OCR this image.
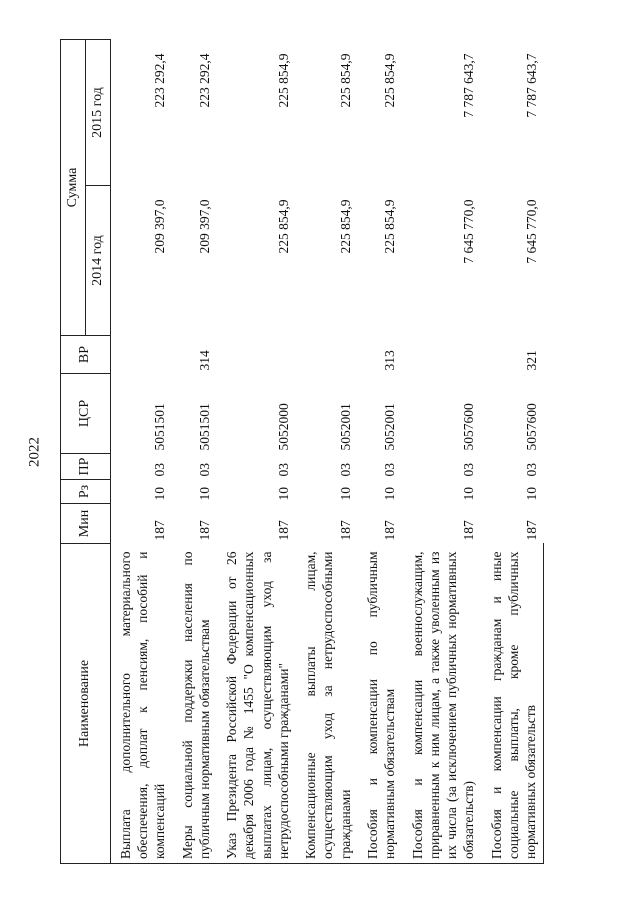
2022
Наименование	Мин	Рз	ПР	ЦСР	ВР	Сумма	
						2014 год	2015 год
Выплата дополнительного материального обеспечения, доплат к пенсиям, пособий и компенсаций	187	10	03	5051501		209 397,0	223 292,4
Меры социальной поддержки населения по публичным нормативным обязательствам	187	10	03	5051501	314	209 397,0	223 292,4
Указ Президента Российской Федерации от 26 декабря 2006 года № 1455 "О компенсационных выплатах лицам, осуществляющим уход за нетрудоспособными гражданами"	187	10	03	5052000		225 854,9	225 854,9
Компенсационные выплаты лицам, осуществляющим уход за нетрудоспособными гражданами	187	10	03	5052001		225 854,9	225 854,9
Пособия и компенсации по публичным нормативным обязательствам	187	10	03	5052001	313	225 854,9	225 854,9
Пособия и компенсации военнослужащим, приравненным к ним лицам, а также уволенным из их числа (за исключением публичных нормативных обязательств)	187	10	03	5057600		7 645 770,0	7 787 643,7
Пособия и компенсации гражданам и иные социальные выплаты, кроме публичных нормативных обязательств	187	10	03	5057600	321	7 645 770,0	7 787 643,7
